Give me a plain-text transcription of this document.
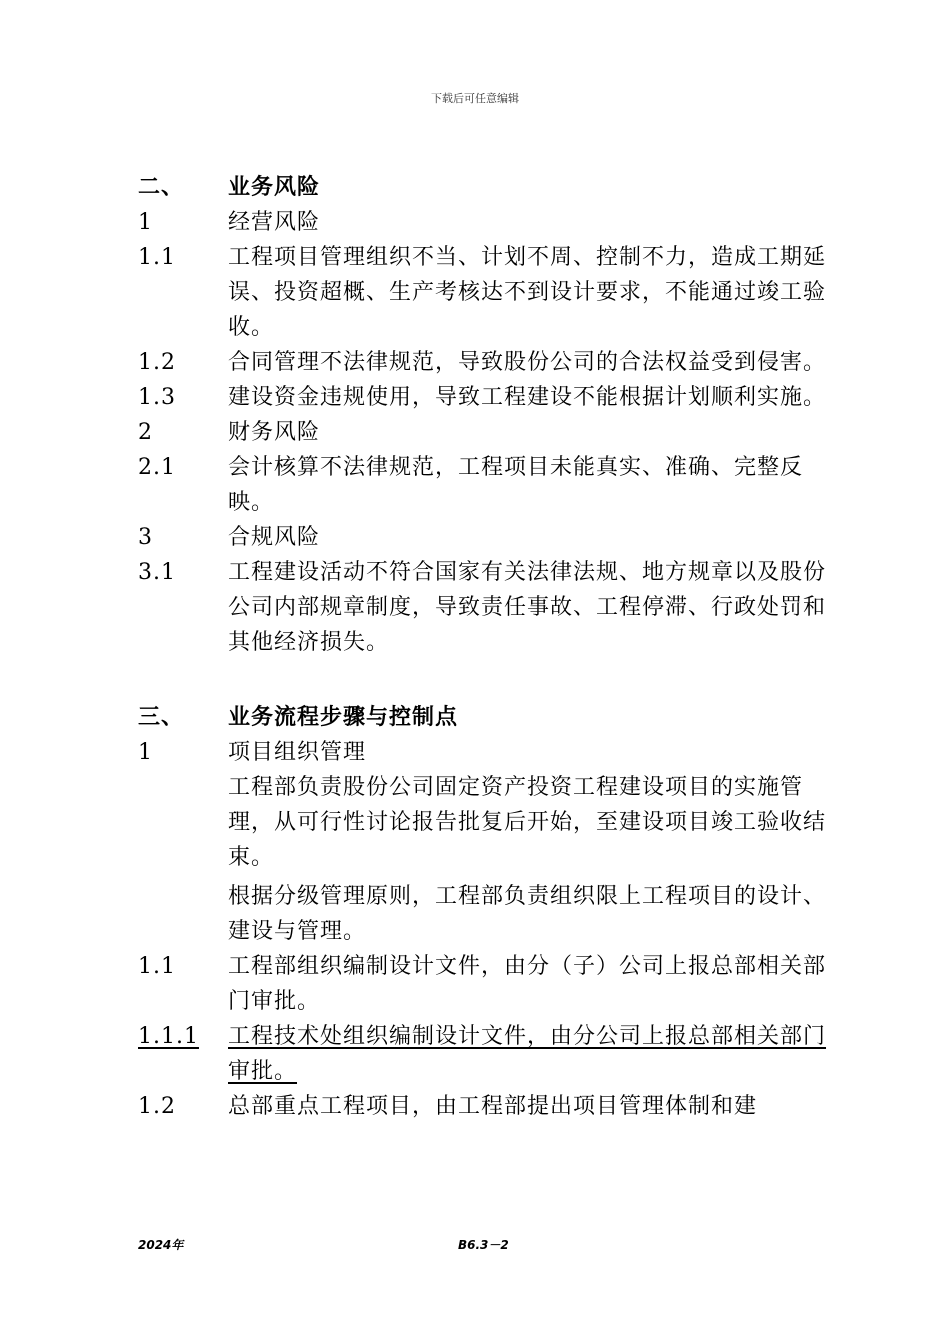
下载后可任意编辑
二、	业务风险
1	经营风险
1.1	工程项目管理组织不当、计划不周、控制不力，造成工期延误、投资超概、生产考核达不到设计要求，不能通过竣工验收。
1.2	合同管理不法律规范，导致股份公司的合法权益受到侵害。
1.3	建设资金违规使用，导致工程建设不能根据计划顺利实施。
2	财务风险
2.1	会计核算不法律规范，工程项目未能真实、准确、完整反映。
3	合规风险
3.1	工程建设活动不符合国家有关法律法规、地方规章以及股份公司内部规章制度，导致责任事故、工程停滞、行政处罚和其他经济损失。
三、	业务流程步骤与控制点
1	项目组织管理
工程部负责股份公司固定资产投资工程建设项目的实施管理，从可行性讨论报告批复后开始，至建设项目竣工验收结束。
根据分级管理原则，工程部负责组织限上工程项目的设计、建设与管理。
1.1	工程部组织编制设计文件，由分（子）公司上报总部相关部门审批。
1.1.1	工程技术处组织编制设计文件，由分公司上报总部相关部门审批。
1.2	总部重点工程项目，由工程部提出项目管理体制和建
2024年	B6.3－2
